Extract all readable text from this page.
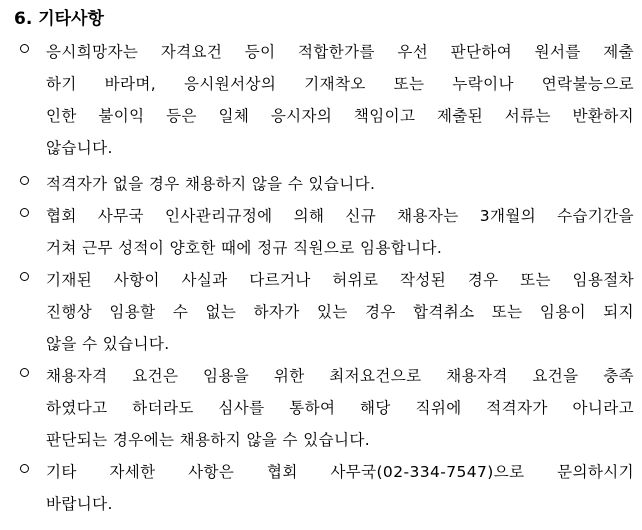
6. 기타사항
응시희망자는 자격요건 등이 적합한가를 우선 판단하여 원서를 제출
하기 바라며, 응시원서상의 기재착오 또는 누락이나 연락불능으로
인한 불이익 등은 일체 응시자의 책임이고 제출된 서류는 반환하지
않습니다.
적격자가 없을 경우 채용하지 않을 수 있습니다.
협회 사무국 인사관리규정에 의해 신규 채용자는 3개월의 수습기간을
거쳐 근무 성적이 양호한 때에 정규 직원으로 임용합니다.
기재된 사항이 사실과 다르거나 허위로 작성된 경우 또는 임용절차
진행상 임용할 수 없는 하자가 있는 경우 합격취소 또는 임용이 되지
않을 수 있습니다.
채용자격 요건은 임용을 위한 최저요건으로 채용자격 요건을 충족
하였다고 하더라도 심사를 통하여 해당 직위에 적격자가 아니라고
판단되는 경우에는 채용하지 않을 수 있습니다.
기타 자세한 사항은 협회 사무국(02-334-7547)으로 문의하시기
바랍니다.
